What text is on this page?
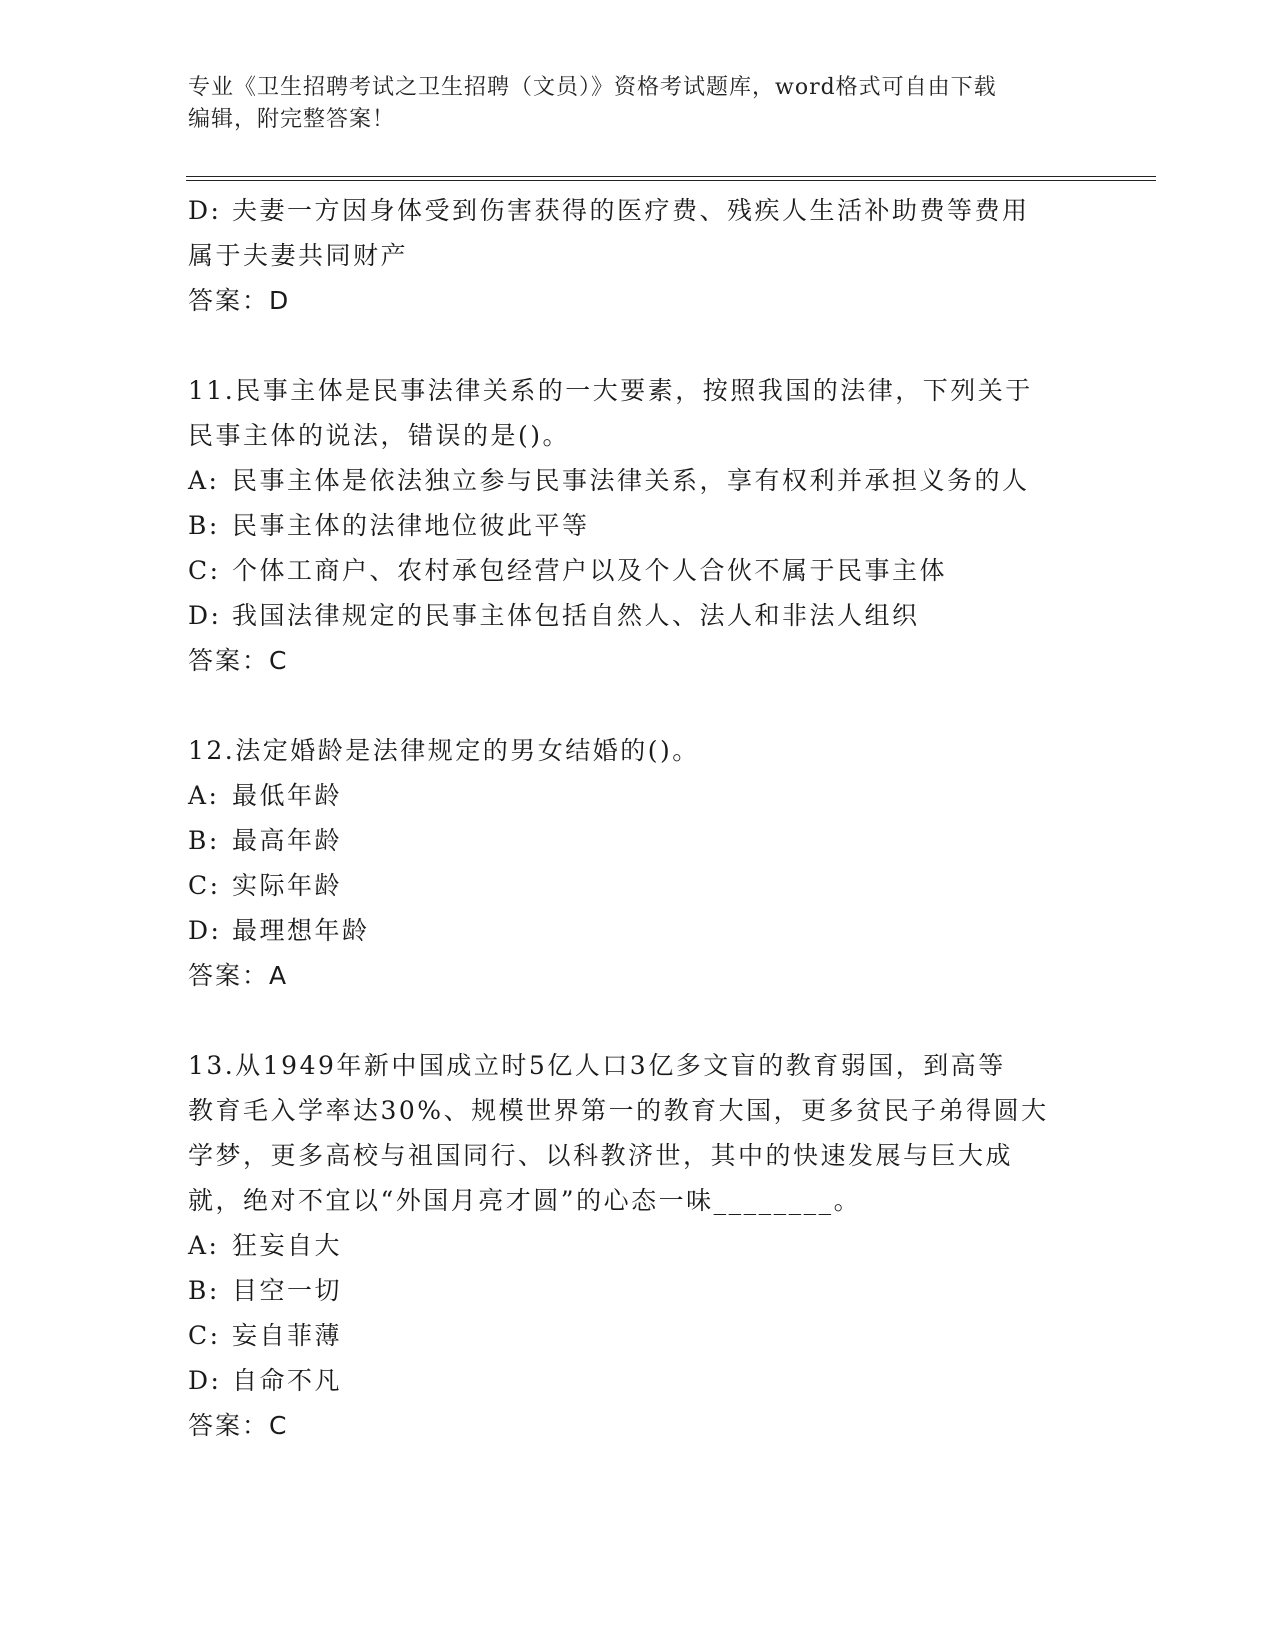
专业《卫生招聘考试之卫生招聘（文员）》资格考试题库，word格式可自由下载
编辑，附完整答案！
D: 夫妻一方因身体受到伤害获得的医疗费、残疾人生活补助费等费用
属于夫妻共同财产
答案：D
11.民事主体是民事法律关系的一大要素，按照我国的法律，下列关于
民事主体的说法，错误的是()。
A: 民事主体是依法独立参与民事法律关系，享有权利并承担义务的人
B: 民事主体的法律地位彼此平等
C: 个体工商户、农村承包经营户以及个人合伙不属于民事主体
D: 我国法律规定的民事主体包括自然人、法人和非法人组织
答案：C
12.法定婚龄是法律规定的男女结婚的()。
A: 最低年龄
B: 最高年龄
C: 实际年龄
D: 最理想年龄
答案：A
13.从1949年新中国成立时5亿人口3亿多文盲的教育弱国，到高等
教育毛入学率达30%、规模世界第一的教育大国，更多贫民子弟得圆大
学梦，更多高校与祖国同行、以科教济世，其中的快速发展与巨大成
就，绝对不宜以“外国月亮才圆”的心态一味________。
A: 狂妄自大
B: 目空一切
C: 妄自菲薄
D: 自命不凡
答案：C
